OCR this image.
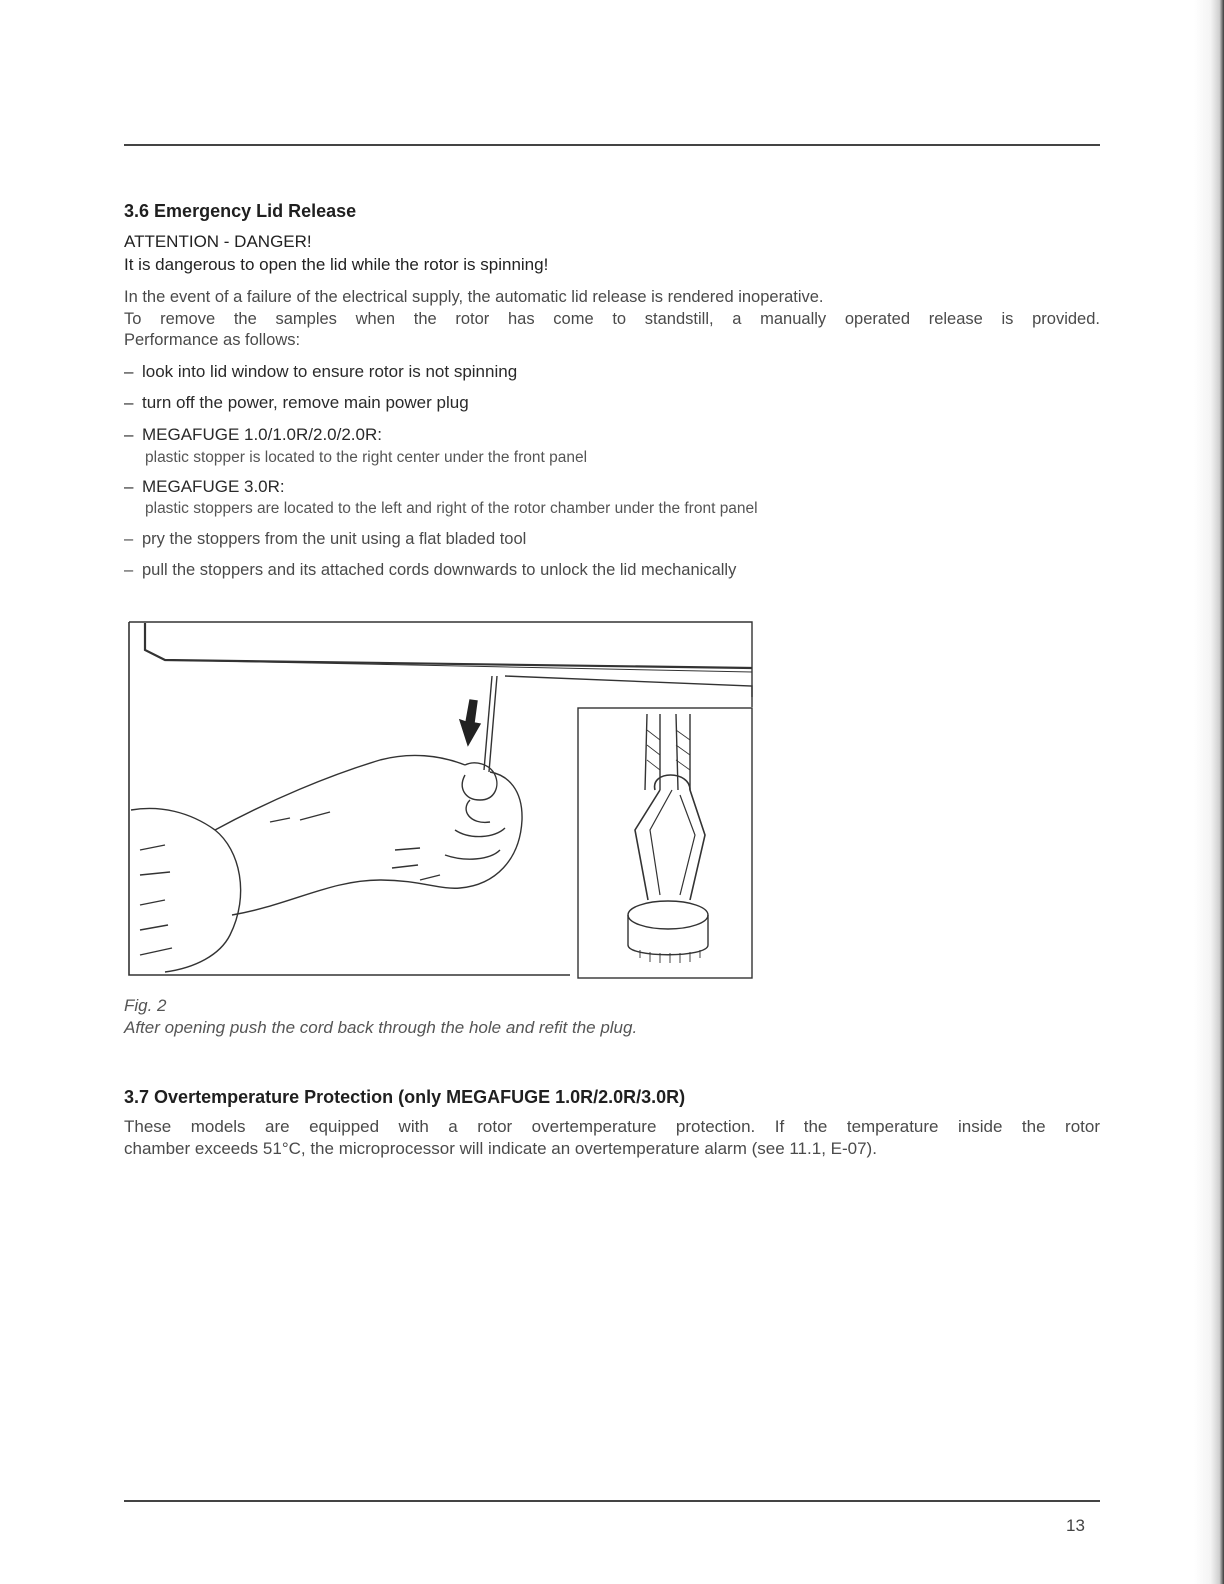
3.6 Emergency Lid Release

ATTENTION - DANGER!

It is dangerous to open the lid while the rotor is spinning!

In the event of a failure of the electrical supply, the automatic lid release is rendered inoperative.

To remove the samples when the rotor has come to standstill, a manually operated release is provided.

Performance as follows:

– look into lid window to ensure rotor is not spinning

– turn off the power, remove main power plug

– MEGAFUGE 1.0/1.0R/2.0/2.0R:

plastic stopper is located to the right center under the front panel

– MEGAFUGE 3.0R:

plastic stoppers are located to the left and right of the rotor chamber under the front panel

– pry the stoppers from the unit using a flat bladed tool

– pull the stoppers and its attached cords downwards to unlock the lid mechanically

Fig. 2

After opening push the cord back through the hole and refit the plug.

3.7 Overtemperature Protection (only MEGAFUGE 1.0R/2.0R/3.0R)

These models are equipped with a rotor overtemperature protection. If the temperature inside the rotor

chamber exceeds 51°C, the microprocessor will indicate an overtemperature alarm (see 11.1, E-07).

13
